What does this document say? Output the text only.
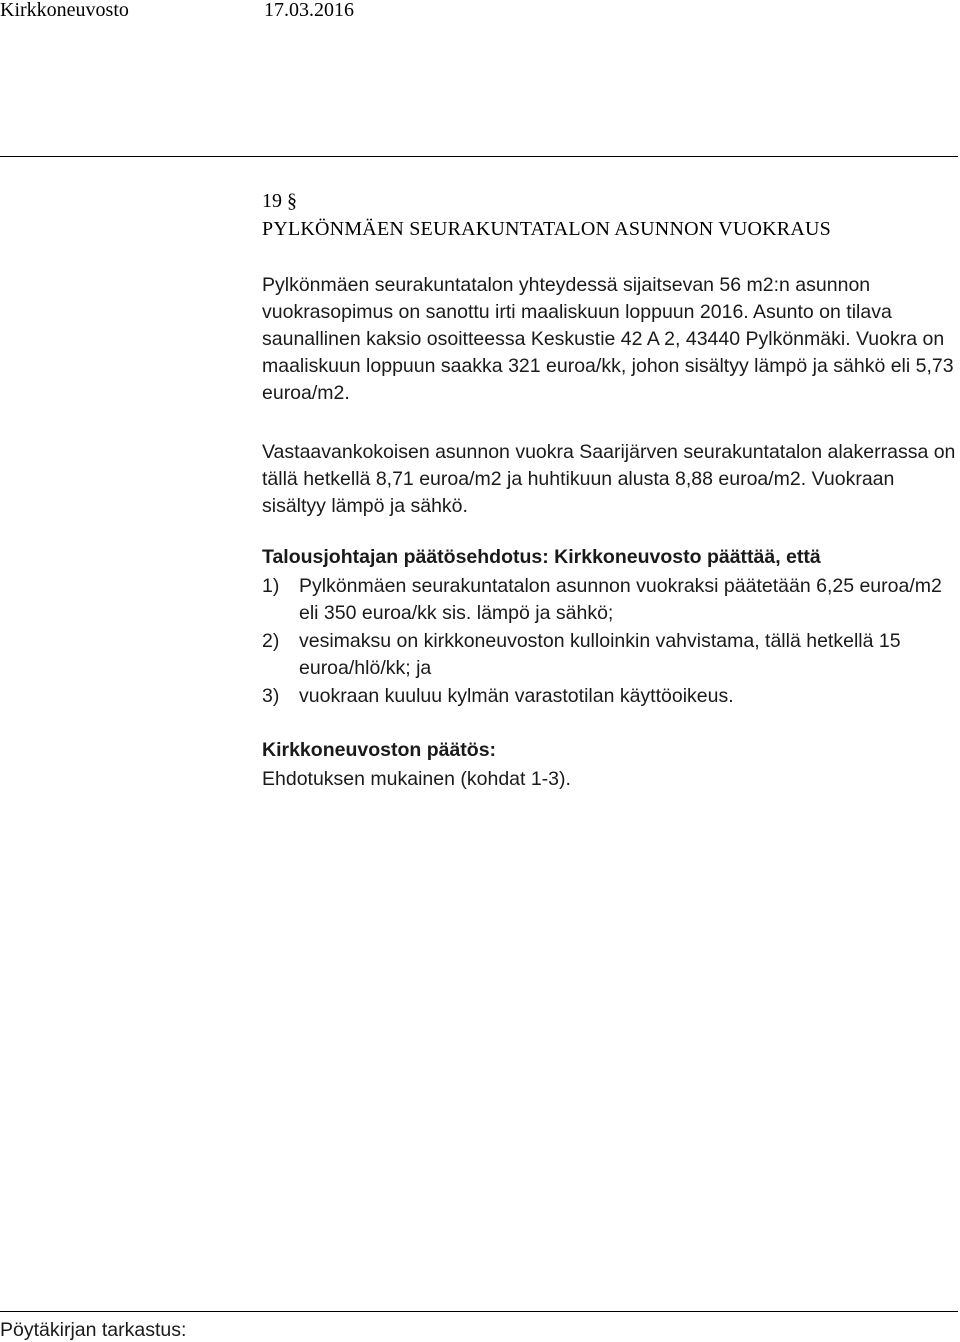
Kirkkoneuvosto	17.03.2016
19 §
PYLKÖNMÄEN SEURAKUNTATALON ASUNNON VUOKRAUS

Pylkönmäen seurakuntatalon yhteydessä sijaitsevan 56 m2:n asunnon vuokrasopimus on sanottu irti maaliskuun loppuun 2016. Asunto on tilava saunallinen kaksio osoitteessa Keskustie 42 A 2, 43440 Pylkönmäki. Vuokra on maaliskuun loppuun saakka 321 euroa/kk, johon sisältyy lämpö ja sähkö eli 5,73 euroa/m2.

Vastaavankokoisen asunnon vuokra Saarijärven seurakuntatalon alakerrassa on tällä hetkellä 8,71 euroa/m2 ja huhtikuun alusta 8,88 euroa/m2. Vuokraan sisältyy lämpö ja sähkö.

Talousjohtajan päätösehdotus: Kirkkoneuvosto päättää, että
1) Pylkönmäen seurakuntatalon asunnon vuokraksi päätetään 6,25 euroa/m2 eli 350 euroa/kk sis. lämpö ja sähkö;
2) vesimaksu on kirkkoneuvoston kulloinkin vahvistama, tällä hetkellä 15 euroa/hlö/kk; ja
3) vuokraan kuuluu kylmän varastotilan käyttöoikeus.
Kirkkoneuvoston päätös:
Ehdotuksen mukainen (kohdat 1-3).
Pöytäkirjan tarkastus:
